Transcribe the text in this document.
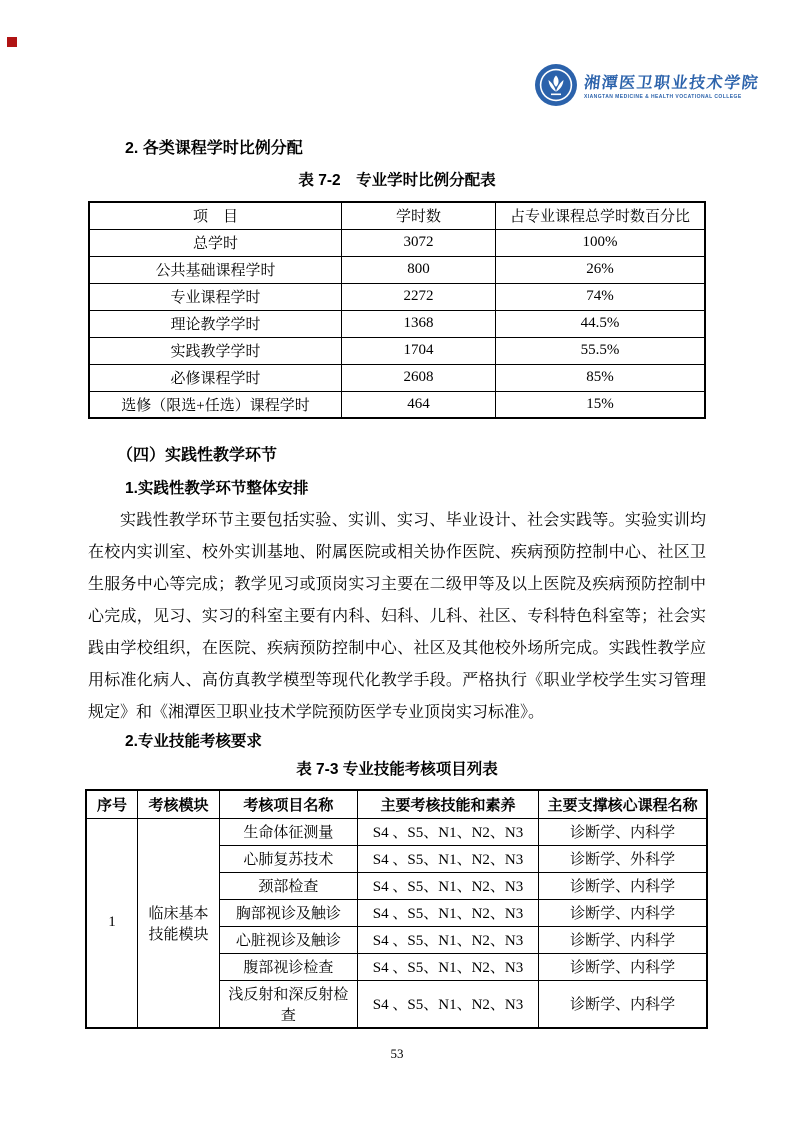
湘潭医卫职业技术学院
XIANGTAN MEDICINE & HEALTH VOCATIONAL COLLEGE
2. 各类课程学时比例分配
表 7-2　专业学时比例分配表
项　目	学时数	占专业课程总学时数百分比
总学时	3072	100%
公共基础课程学时	800	26%
专业课程学时	2272	74%
理论教学学时	1368	44.5%
实践教学学时	1704	55.5%
必修课程学时	2608	85%
选修（限选+任选）课程学时	464	15%
（四）实践性教学环节
1.实践性教学环节整体安排
实践性教学环节主要包括实验、实训、实习、毕业设计、社会实践等。实验实训均在校内实训室、校外实训基地、附属医院或相关协作医院、疾病预防控制中心、社区卫生服务中心等完成；教学见习或顶岗实习主要在二级甲等及以上医院及疾病预防控制中心完成，见习、实习的科室主要有内科、妇科、儿科、社区、专科特色科室等；社会实践由学校组织，在医院、疾病预防控制中心、社区及其他校外场所完成。实践性教学应用标准化病人、高仿真教学模型等现代化教学手段。严格执行《职业学校学生实习管理规定》和《湘潭医卫职业技术学院预防医学专业顶岗实习标准》。
2.专业技能考核要求
表 7-3 专业技能考核项目列表
序号	考核模块	考核项目名称	主要考核技能和素养	主要支撑核心课程名称
1	临床基本技能模块	生命体征测量	S4 、S5、N1、N2、N3	诊断学、内科学
		心肺复苏技术	S4 、S5、N1、N2、N3	诊断学、外科学
		颈部检查	S4 、S5、N1、N2、N3	诊断学、内科学
		胸部视诊及触诊	S4 、S5、N1、N2、N3	诊断学、内科学
		心脏视诊及触诊	S4 、S5、N1、N2、N3	诊断学、内科学
		腹部视诊检查	S4 、S5、N1、N2、N3	诊断学、内科学
		浅反射和深反射检查	S4 、S5、N1、N2、N3	诊断学、内科学
53
